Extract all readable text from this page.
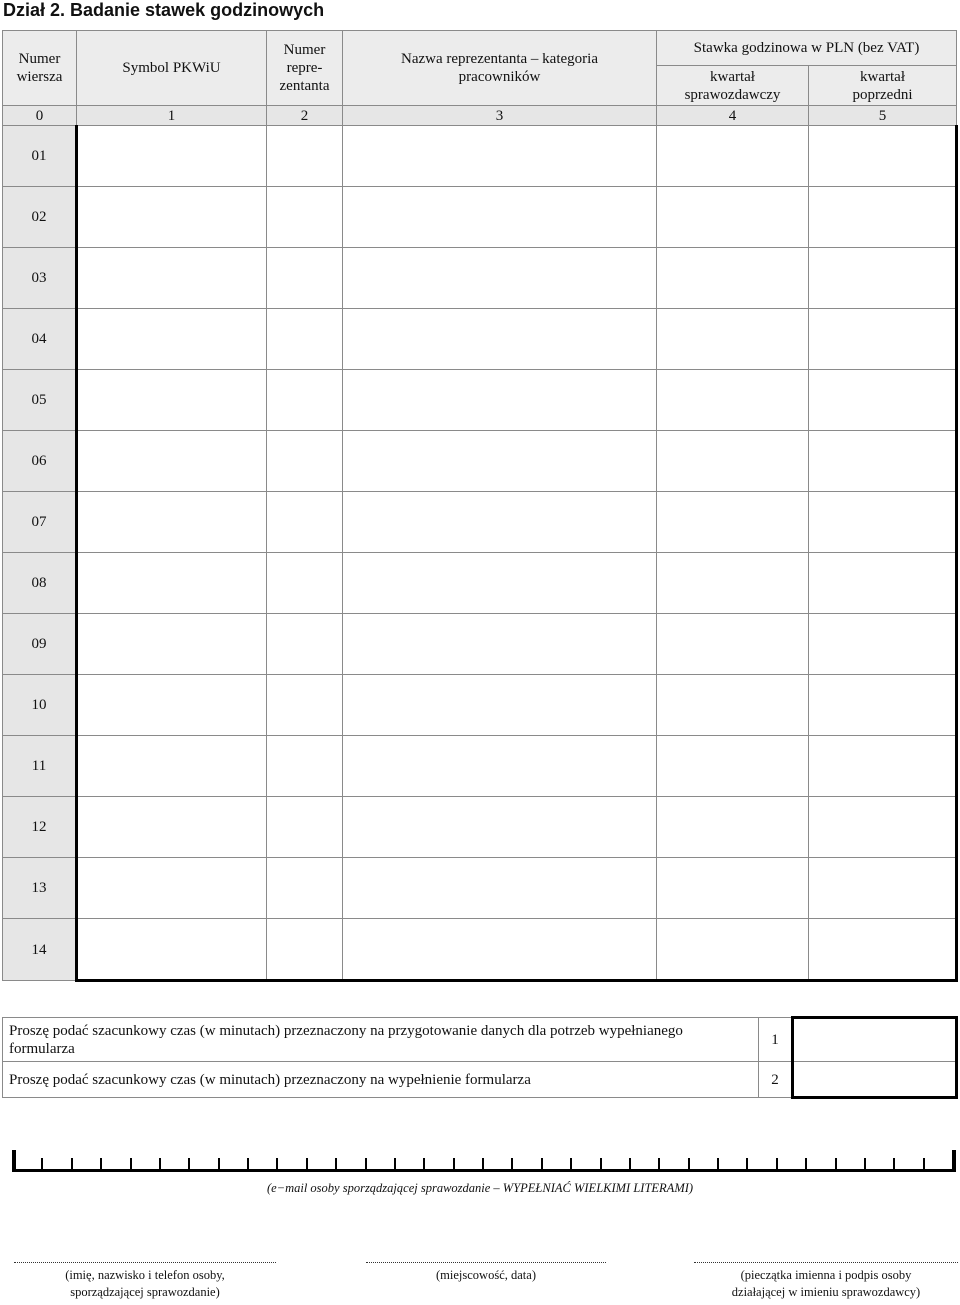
Dział 2. Badanie stawek godzinowych
Numer wiersza	Symbol PKWiU	Numer
repre-
zentanta	Nazwa reprezentanta – kategoria pracowników	Stawka godzinowa w PLN (bez VAT)	

				kwartał sprawozdawczy	kwartał poprzedni

0	1	2	3	4	5
01					
02					
03					
04					
05					
06					
07					
08					
09					
10					
11					
12					
13					
14					
Proszę podać szacunkowy czas (w minutach) przeznaczony na przygotowanie danych dla potrzeb wypełnianego formularza	1	
Proszę podać szacunkowy czas (w minutach) przeznaczony na wypełnienie formularza	2	
(e−mail osoby sporządzającej sprawozdanie – WYPEŁNIAĆ WIELKIMI LITERAMI)
(imię, nazwisko i telefon osoby,
sporządzającej sprawozdanie)
(miejscowość, data)	(pieczątka imienna i podpis osoby
działającej w imieniu sprawozdawcy)
